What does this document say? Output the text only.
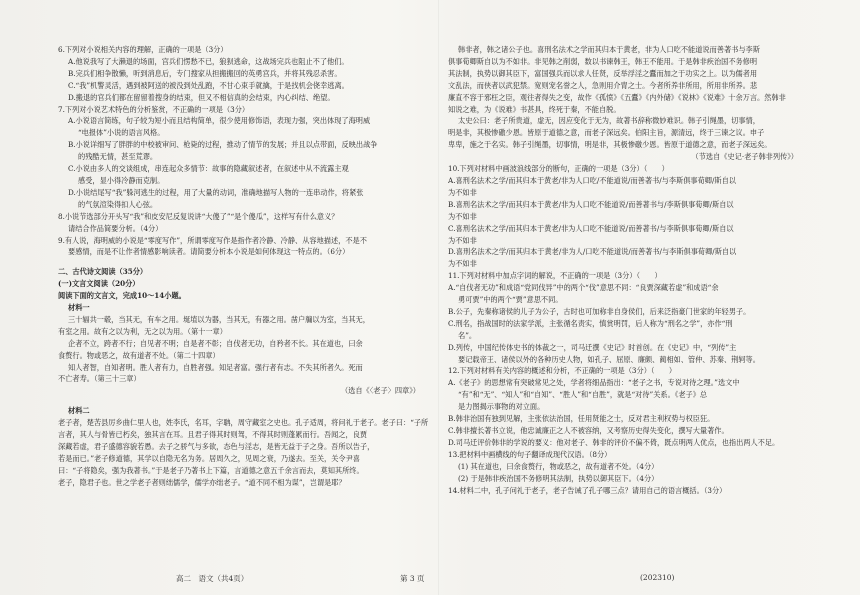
6.下列对小说相关内容的理解，正确的一项是（3分）

A.他说我写了大濑退的场面，宫兵们愣愁不已，狼狈逃命，这战场完兵也阻止不了他们。

B.完兵们相争散懒，听到消息后，专门搜家从担搬搬回的英勇宫兵，并将其残忍杀害。

C.“我”机警灵活，遇到被阿送的被没到处乱跑，不甘心束手就擒，于是找机会侥幸逃离。

D.搬退的官兵们都在留留着搜身的结束，但又不相信真的会结束，内心纠结、绝望。

7.下列对小说艺术特色的分析鉴赏，不正确的一项是（3分）

A.小说语言简练，句子较为短小而且结构简单，很少使用修饰语，表现力强，突出体现了海明威

“电报体”小说的语言风格。

B.小说详细写了胖胖的中校被审问、枪毙的过程，推动了情节的发展；并且以点带面，反映出战争

的残酷无情，甚至荒谬。

C.小说由多人的交谈组成，串连起众多情节：故事的隐藏叙述者，在叙述中从不流露主观

感受，显小得冷静而克制。

D.小说结尾写“我”躲河逃生的过程，用了大量的动词，准确地描写人物的一连串动作，将紧张

的气氛渲染得扣人心弦。

8.小说节选部分开头写“我”和皮安尼反复说讲“大傻了”“是个傻瓜”，这样写有什么意义？

请结合作品简要分析。（4分）

9.有人说，海明威的小说是“零度写作”，所谓零度写作是指作者冷静、冷静、从容地描述，不是不

要感情，而是不让作者情感影响读者。请简要分析本小说是如何体现这一特点的。（6分）

二、古代诗文阅读（35分）

(一)文言文阅读（20分）

阅读下面的文言文，完成10～14小题。

材料一

三十辐共一毂，当其无，有车之用。埏埴以为器，当其无，有器之用。凿户牖以为室，当其无，

有室之用。故有之以为利，无之以为用。（第十一章）

企者不立，跨者不行；自见者不明；自是者不彰；自伐者无功，自矜者不长。其在道也，曰余

食赘行。物或恶之，故有道者不处。（第二十四章）

知人者智，自知者明。胜人者有力，自胜者强。知足者富。强行者有志。不失其所者久。死而

不亡者寿。（第三十三章）

（选自《〈老子〉四章》）

材料二

老子者，楚苦县厉乡曲仁里人也，姓李氏，名耳，字聃，周守藏室之史也。孔子适周，将问礼于老子。老子曰：“子所

言者，其人与骨皆已朽矣，独其言在耳。且君子得其时则驾，不得其时则蓬累而行。吾闻之，良贾

深藏若虚，君子盛德容貌若愚。去子之骄气与多欲，态色与淫志，是皆无益于子之身。吾所以告子，

若是而已。”老子修道德，其学以自隐无名为务。居周久之，见周之衰，乃遂去。至关，关令尹喜

曰：“子将隐矣，强为我著书。”于是老子乃著书上下篇，言道德之意五千余言而去，莫知其所终。

老子，隐君子也。世之学老子者则绌儒学，儒学亦绌老子。“道不同不相为谋”，岂谓是耶？

韩非者，韩之诸公子也。喜刑名法术之学而其归本于黄老，非为人口吃不能道说而善著书与李斯

俱事荀卿斯自以为不如非。非见韩之削弱，数以书谏韩王，韩王不能用。于是韩非疾治国不务修明

其法制，执势以御其臣下，富国强兵而以求人任贤，反举浮淫之蠹而加之于功实之上。以为儒者用

文乱法，而侠者以武犯禁。宽则宠名誉之人，急则用介胄之士。今者所养非所用，所用非所养。悲

廉直不容于邪枉之臣，观往者得失之变，故作《孤愤》《五蠹》《内外储》《说林》《说难》十余万言。然韩非

知说之难，为《说难》书甚具，终死于秦，不能自脱。

太史公曰：老子所贵道，虚无，因应变化于无为，故著书辞称微妙难识。韩子引绳墨，切事情，

明是非，其极惨礉少恩。皆原于道德之意，而老子深远矣。伯阳主旨，源清远，终于三谏之议。申子

卑卑，施之于名实。韩子引绳墨，切事情，明是非，其极惨礉少恩。皆原于道德之意，而老子深远矣。

（节选自《史记·老子韩非列传》）

10.下列对材料中画波浪线部分的断句，正确的一项是（3分）（　　）

A.喜刑名法术之学/而其归本于黄老/非为人口吃/不能道说/而善著书/与李斯俱事荀卿/斯自以

为不如非

B.喜刑名法术之学/而其归本于黄老/非为人口吃不能道说/而善著书与/李斯俱事荀卿/斯自以

为不如非

C.喜刑名法术之学/而其归本于黄老/非为人口吃不能道说/而善著书/与李斯俱事荀卿/斯自以

为不如非

D.喜刑名法术之学/而其归本于黄老/非为人/口吃不能道说/而善著书/与李斯俱事荀卿/斯自以

为不如非

11.下列对材料中加点字词的解说，不正确的一项是（3分）（　　）

A.“自伐者无功”和成语“党同伐异”中的两个“伐”意思不同：“良贾深藏若虚”和成语“余

勇可贾”中的两个“贾”意思不同。

B.公子，先秦称诸侯的儿子为公子，古时也可加称非自身侯们，后来泛指豪门世家的年轻男子。

C.刑名，指战国时的法家学派，主张循名责实，慎赏明罚，后人称为“刑名之学”，亦作“刑

名”。

D.列传，中国纪传体史书的体裁之一，司马迁撰《史记》时首创。在《史记》中，“列传”主

要记载帝王、诸侯以外的各种历史人物，如孔子、屈原、廉颇、蔺相如、管仲、苏秦、荆轲等。

12.下列对材料有关内容的概述和分析，不正确的一项是（3分）（　　）

A.《老子》的思想常有突破常见之处，学者将细品指出：“老子之书，专说对待之理。”选文中

“有”和“无”、“知人”和“自知”、“胜人”和“自胜”，就是“对待”关系。《老子》总

是力图揭示事物的对立面。

B.韩非治国有独到见解，主张依法治国，任用贤能之士，反对君主利权势与权臣狂。

C.韩非擅长著书立说，他忠诚廉正之人不被容纳，又考察历史得失变化，撰写大量著作。

D.司马迁评价韩非的学说的要义：他对老子、韩非的评价不偏不倚，既点明两人优点，也指出两人不足。

13.把材料中画横线的句子翻译成现代汉语。（8分）

(1) 其在道也，曰余食赘行，物或恶之，故有道者不处。（4分）

(2) 于是韩非疾治国不务修明其法制，执势以御其臣下。（4分）

14.材料二中，孔子问礼于老子，老子告诫了孔子哪三点？请用自己的语言概括。（3分）

高二　语文（共4页）	第 3 页	(202310)
